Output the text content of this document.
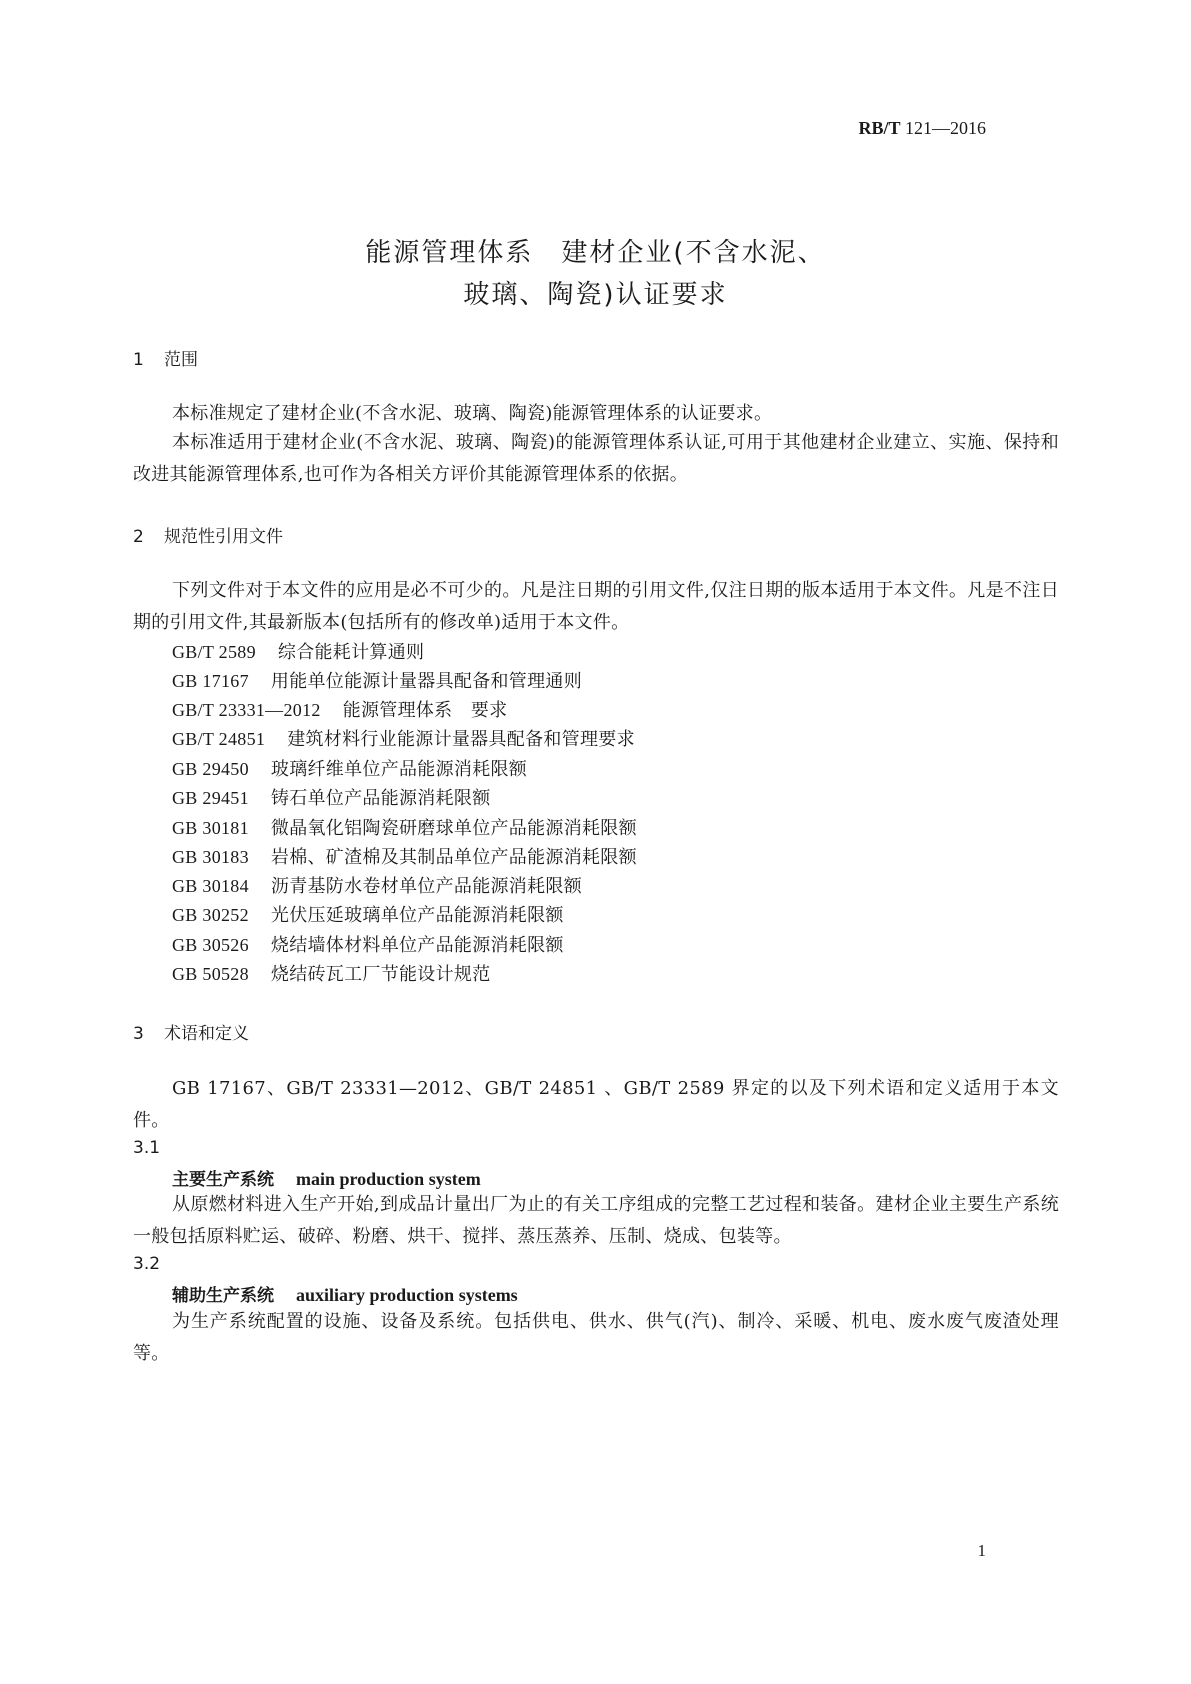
RB/T 121—2016
能源管理体系　建材企业(不含水泥、
玻璃、陶瓷)认证要求
1 范围

本标准规定了建材企业(不含水泥、玻璃、陶瓷)能源管理体系的认证要求。

本标准适用于建材企业(不含水泥、玻璃、陶瓷)的能源管理体系认证,可用于其他建材企业建立、实施、保持和改进其能源管理体系,也可作为各相关方评价其能源管理体系的依据。

2 规范性引用文件

下列文件对于本文件的应用是必不可少的。凡是注日期的引用文件,仅注日期的版本适用于本文件。凡是不注日期的引用文件,其最新版本(包括所有的修改单)适用于本文件。

GB/T 2589 综合能耗计算通则
GB 17167 用能单位能源计量器具配备和管理通则
GB/T 23331—2012 能源管理体系　要求
GB/T 24851 建筑材料行业能源计量器具配备和管理要求
GB 29450 玻璃纤维单位产品能源消耗限额
GB 29451 铸石单位产品能源消耗限额
GB 30181 微晶氧化铝陶瓷研磨球单位产品能源消耗限额
GB 30183 岩棉、矿渣棉及其制品单位产品能源消耗限额
GB 30184 沥青基防水卷材单位产品能源消耗限额
GB 30252 光伏压延玻璃单位产品能源消耗限额
GB 30526 烧结墙体材料单位产品能源消耗限额
GB 50528 烧结砖瓦工厂节能设计规范
3 术语和定义

GB 17167、GB/T 23331—2012、GB/T 24851 、GB/T 2589 界定的以及下列术语和定义适用于本文件。

3.1
主要生产系统 main production system

从原燃材料进入生产开始,到成品计量出厂为止的有关工序组成的完整工艺过程和装备。建材企业主要生产系统一般包括原料贮运、破碎、粉磨、烘干、搅拌、蒸压蒸养、压制、烧成、包装等。

3.2
辅助生产系统 auxiliary production systems

为生产系统配置的设施、设备及系统。包括供电、供水、供气(汽)、制冷、采暖、机电、废水废气废渣处理等。

1
